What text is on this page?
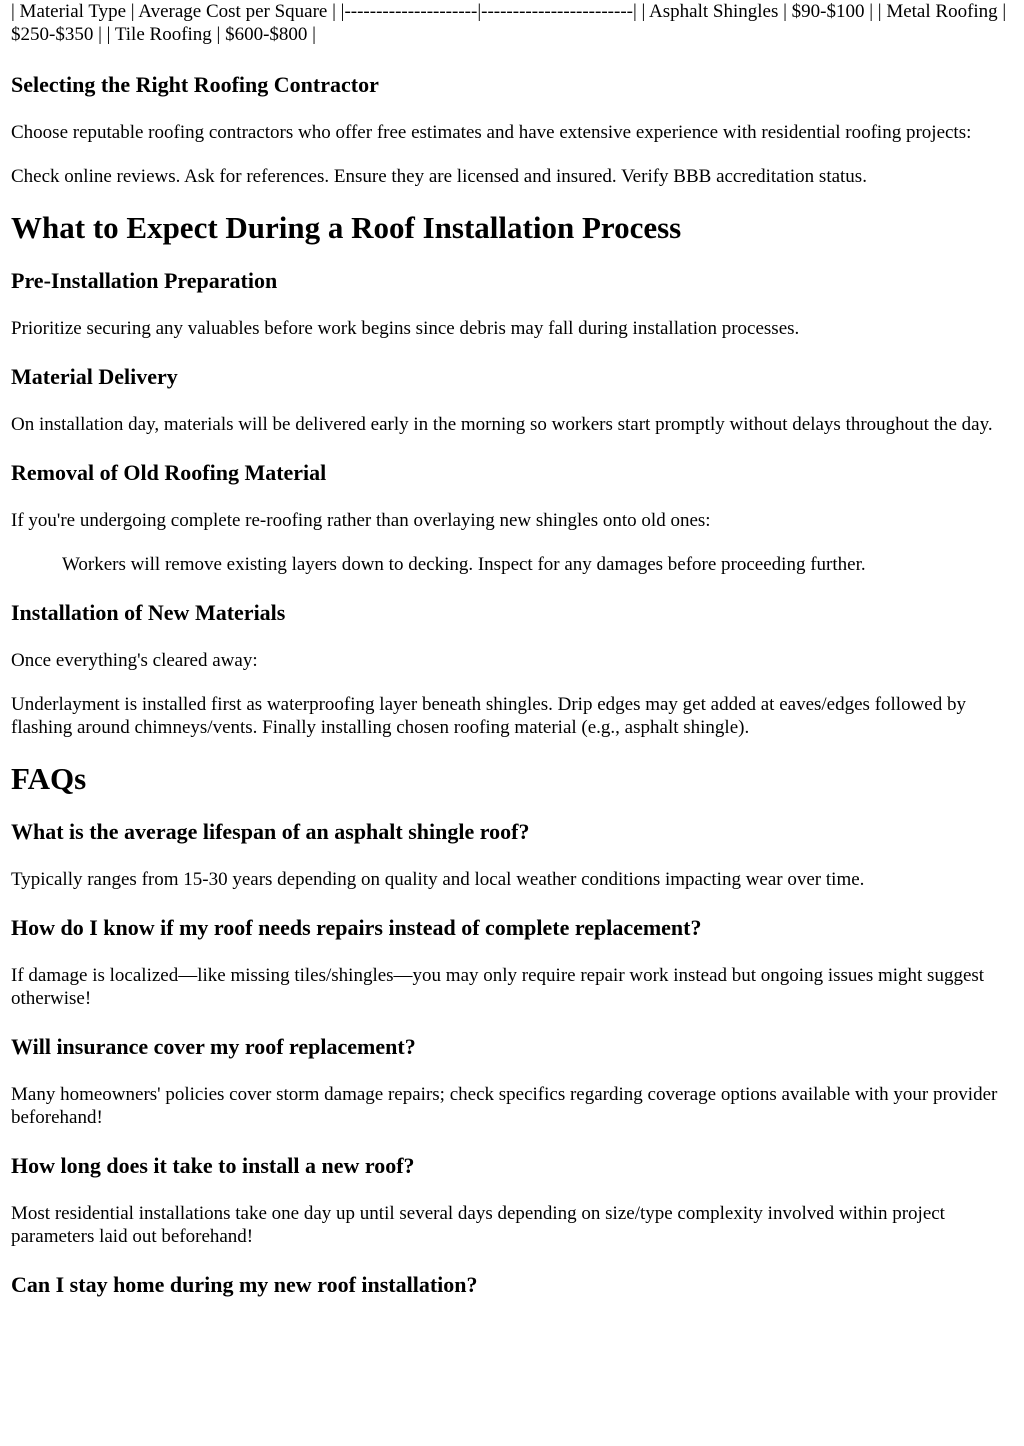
| Material Type | Average Cost per Square | |---------------------|------------------------| | Asphalt Shingles | $90-$100 | | Metal Roofing | $250-$350 | | Tile Roofing | $600-$800 |

Selecting the Right Roofing Contractor

Choose reputable roofing contractors who offer free estimates and have extensive experience with residential roofing projects:

Check online reviews. Ask for references. Ensure they are licensed and insured. Verify BBB accreditation status.

What to Expect During a Roof Installation Process
Pre-Installation Preparation

Prioritize securing any valuables before work begins since debris may fall during installation processes.

Material Delivery

On installation day, materials will be delivered early in the morning so workers start promptly without delays throughout the day.

Removal of Old Roofing Material

If you're undergoing complete re-roofing rather than overlaying new shingles onto old ones:

Workers will remove existing layers down to decking. Inspect for any damages before proceeding further.
Installation of New Materials

Once everything's cleared away:

Underlayment is installed first as waterproofing layer beneath shingles. Drip edges may get added at eaves/edges followed by flashing around chimneys/vents. Finally installing chosen roofing material (e.g., asphalt shingle).

FAQs
What is the average lifespan of an asphalt shingle roof?

Typically ranges from 15-30 years depending on quality and local weather conditions impacting wear over time.

How do I know if my roof needs repairs instead of complete replacement?

If damage is localized—like missing tiles/shingles—you may only require repair work instead but ongoing issues might suggest otherwise!

Will insurance cover my roof replacement?

Many homeowners' policies cover storm damage repairs; check specifics regarding coverage options available with your provider beforehand!

How long does it take to install a new roof?

Most residential installations take one day up until several days depending on size/type complexity involved within project parameters laid out beforehand!

Can I stay home during my new roof installation?
